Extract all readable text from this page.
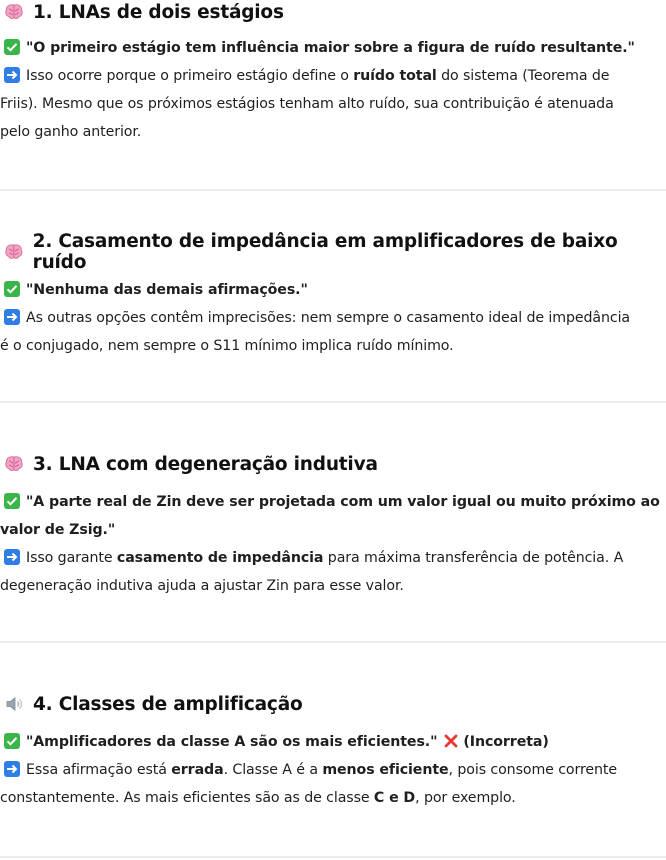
1. LNAs de dois estágios

"O primeiro estágio tem influência maior sobre a figura de ruído resultante."

Isso ocorre porque o primeiro estágio define o ruído total do sistema (Teorema de

Friis). Mesmo que os próximos estágios tenham alto ruído, sua contribuição é atenuada

pelo ganho anterior.

2. Casamento de impedância em amplificadores de baixo ruído

"Nenhuma das demais afirmações."

As outras opções contêm imprecisões: nem sempre o casamento ideal de impedância

é o conjugado, nem sempre o S11 mínimo implica ruído mínimo.

3. LNA com degeneração indutiva

"A parte real de Zin deve ser projetada com um valor igual ou muito próximo ao

valor de Zsig."

Isso garante casamento de impedância para máxima transferência de potência. A

degeneração indutiva ajuda a ajustar Zin para esse valor.

4. Classes de amplificação

"Amplificadores da classe A são os mais eficientes." (Incorreta)

Essa afirmação está errada. Classe A é a menos eficiente, pois consome corrente

constantemente. As mais eficientes são as de classe C e D, por exemplo.
